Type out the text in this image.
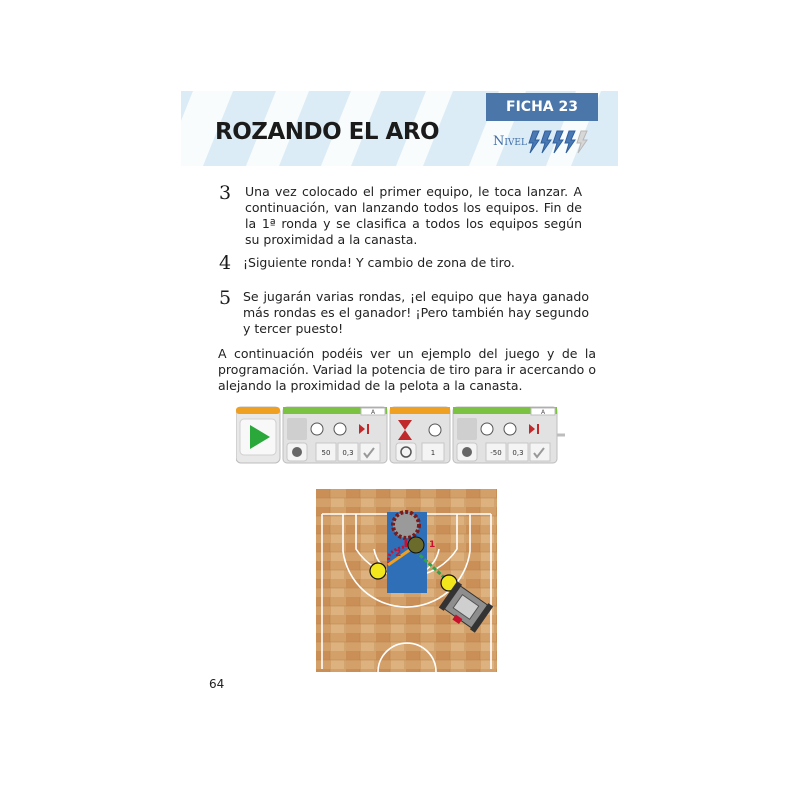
ROZANDO EL ARO
FICHA 23
Nivel
3 Una vez colocado el primer equipo, le toca lanzar. A continuación, van lanzando todos los equipos. Fin de la 1ª ronda y se clasifica a todos los equipos según su proximidad a la canasta.
4 ¡Siguiente ronda! Y cambio de zona de tiro.
5 Se jugarán varias rondas, ¡el equipo que haya ganado más rondas es el ganador! ¡Pero también hay segundo y tercer puesto!
A continuación podéis ver un ejemplo del juego y de la programación. Variad la potencia de tiro para ir acercando o alejando la proximidad de la pelota a la canasta.
A
50 0,3	1
A
-50 0,3
1
2
64
